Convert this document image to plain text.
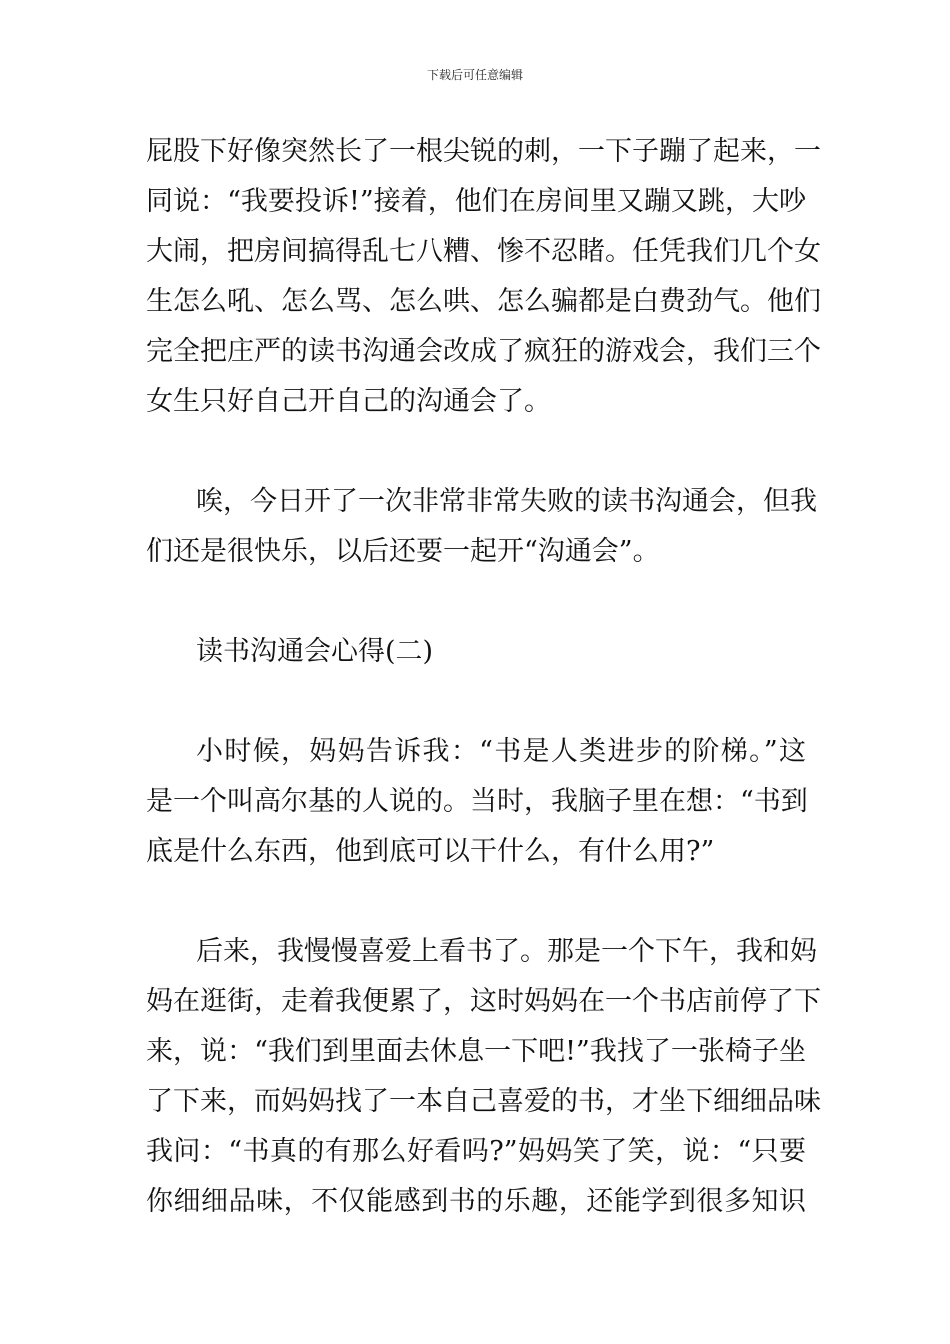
下载后可任意编辑
屁股下好像突然长了一根尖锐的刺，一下子蹦了起来，一
同说：“我要投诉!”接着，他们在房间里又蹦又跳，大吵
大闹，把房间搞得乱七八糟、惨不忍睹。任凭我们几个女
生怎么吼、怎么骂、怎么哄、怎么骗都是白费劲气。他们
完全把庄严的读书沟通会改成了疯狂的游戏会，我们三个
女生只好自己开自己的沟通会了。
唉，今日开了一次非常非常失败的读书沟通会，但我
们还是很快乐，以后还要一起开“沟通会”。
读书沟通会心得(二)
小时候，妈妈告诉我：“书是人类进步的阶梯。”这
是一个叫高尔基的人说的。当时，我脑子里在想：“书到
底是什么东西，他到底可以干什么，有什么用?”
后来，我慢慢喜爱上看书了。那是一个下午，我和妈
妈在逛街，走着我便累了，这时妈妈在一个书店前停了下
来，说：“我们到里面去休息一下吧!”我找了一张椅子坐
了下来，而妈妈找了一本自己喜爱的书，才坐下细细品味
我问：“书真的有那么好看吗?”妈妈笑了笑，说：“只要
你细细品味，不仅能感到书的乐趣，还能学到很多知识
